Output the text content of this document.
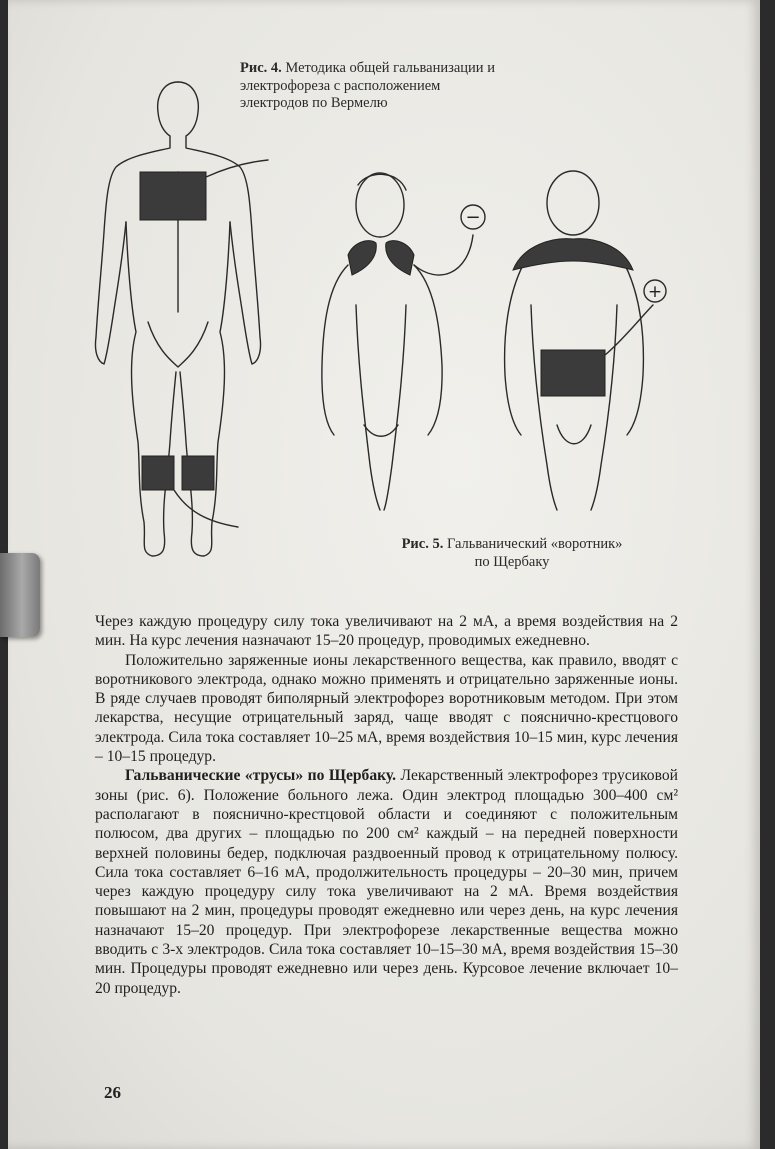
Рис. 4. Методика общей гальванизации и электрофореза с расположением электродов по Вермелю
−
+
Рис. 5. Гальванический «воротник»
по Щербаку

Через каждую процедуру силу тока увеличивают на 2 мА, а время воздействия на 2 мин. На курс лечения назначают 15–20 процедур, проводимых ежедневно.

Положительно заряженные ионы лекарственного вещества, как правило, вводят с воротникового электрода, однако можно применять и отрицательно заряженные ионы. В ряде случаев проводят биполярный электрофорез воротниковым методом. При этом лекарства, несущие отрицательный заряд, чаще вводят с пояснично-крестцового электрода. Сила тока составляет 10–25 мА, время воздействия 10–15 мин, курс лечения – 10–15 процедур.

Гальванические «трусы» по Щербаку. Лекарственный электрофорез трусиковой зоны (рис. 6). Положение больного лежа. Один электрод площадью 300–400 см² располагают в пояснично-крестцовой области и соединяют с положительным полюсом, два других – площадью по 200 см² каждый – на передней поверхности верхней половины бедер, подключая раздвоенный провод к отрицательному полюсу. Сила тока составляет 6–16 мА, продолжительность процедуры – 20–30 мин, причем через каждую процедуру силу тока увеличивают на 2 мА. Время воздействия повышают на 2 мин, процедуры проводят ежедневно или через день, на курс лечения назначают 15–20 процедур. При электрофорезе лекарственные вещества можно вводить с 3-х электродов. Сила тока составляет 10–15–30 мА, время воздействия 15–30 мин. Процедуры проводят ежедневно или через день. Курсовое лечение включает 10–20 процедур.

26
